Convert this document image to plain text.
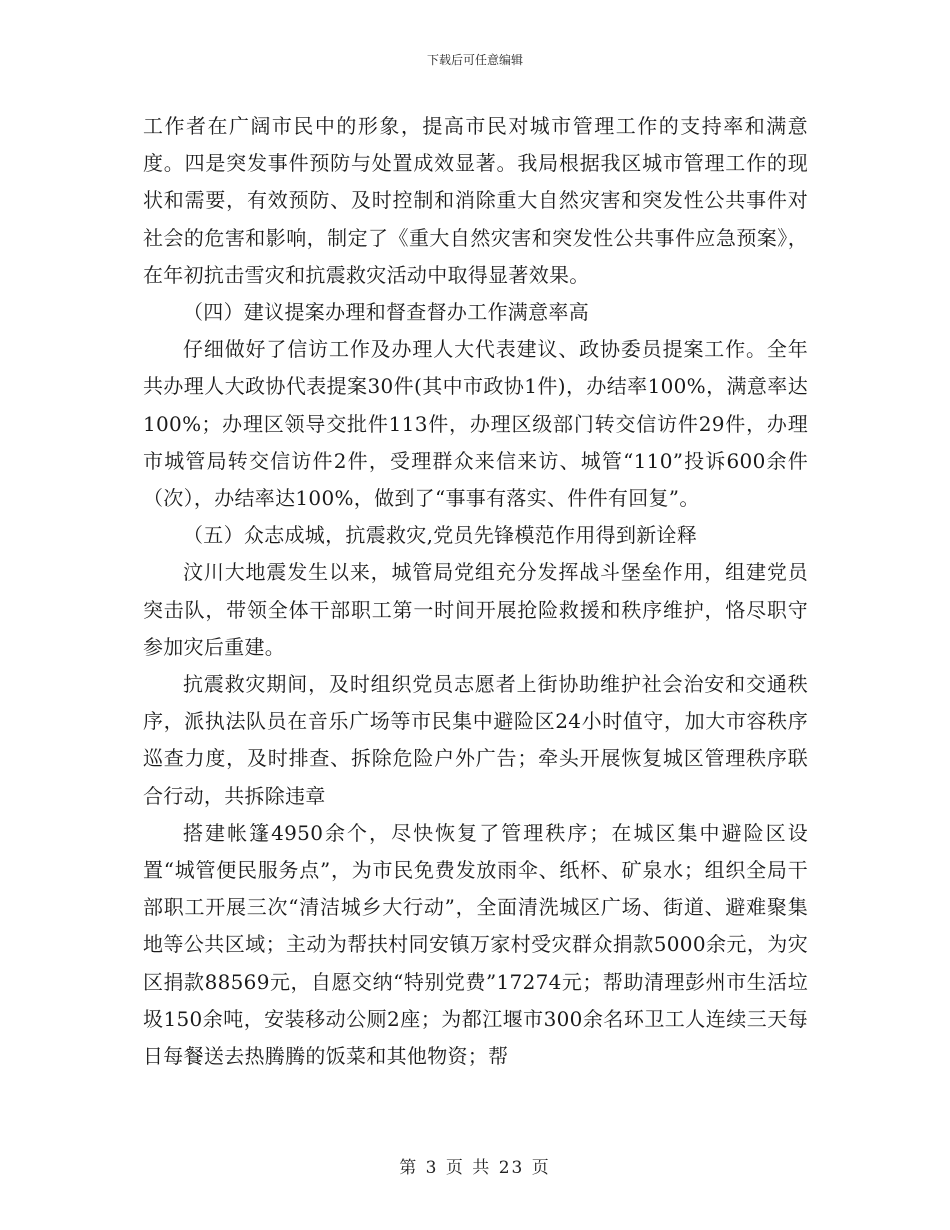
下载后可任意编辑

工作者在广阔市民中的形象，提高市民对城市管理工作的支持率和满意度。四是突发事件预防与处置成效显著。我局根据我区城市管理工作的现状和需要，有效预防、及时控制和消除重大自然灾害和突发性公共事件对社会的危害和影响，制定了《重大自然灾害和突发性公共事件应急预案》，在年初抗击雪灾和抗震救灾活动中取得显著效果。

（四）建议提案办理和督查督办工作满意率高

仔细做好了信访工作及办理人大代表建议、政协委员提案工作。全年共办理人大政协代表提案30件(其中市政协1件)，办结率100%，满意率达100%；办理区领导交批件113件，办理区级部门转交信访件29件，办理市城管局转交信访件2件，受理群众来信来访、城管“110”投诉600余件（次），办结率达100%，做到了“事事有落实、件件有回复”。

（五）众志成城，抗震救灾,党员先锋模范作用得到新诠释

汶川大地震发生以来，城管局党组充分发挥战斗堡垒作用，组建党员突击队，带领全体干部职工第一时间开展抢险救援和秩序维护，恪尽职守参加灾后重建。

抗震救灾期间，及时组织党员志愿者上街协助维护社会治安和交通秩序，派执法队员在音乐广场等市民集中避险区24小时值守，加大市容秩序巡查力度，及时排查、拆除危险户外广告；牵头开展恢复城区管理秩序联合行动，共拆除违章

搭建帐篷4950余个，尽快恢复了管理秩序；在城区集中避险区设置“城管便民服务点”，为市民免费发放雨伞、纸杯、矿泉水；组织全局干部职工开展三次“清洁城乡大行动”，全面清洗城区广场、街道、避难聚集地等公共区域；主动为帮扶村同安镇万家村受灾群众捐款5000余元，为灾区捐款88569元，自愿交纳“特别党费”17274元；帮助清理彭州市生活垃圾150余吨，安装移动公厕2座；为都江堰市300余名环卫工人连续三天每日每餐送去热腾腾的饭菜和其他物资；帮

第 3 页 共 23 页
